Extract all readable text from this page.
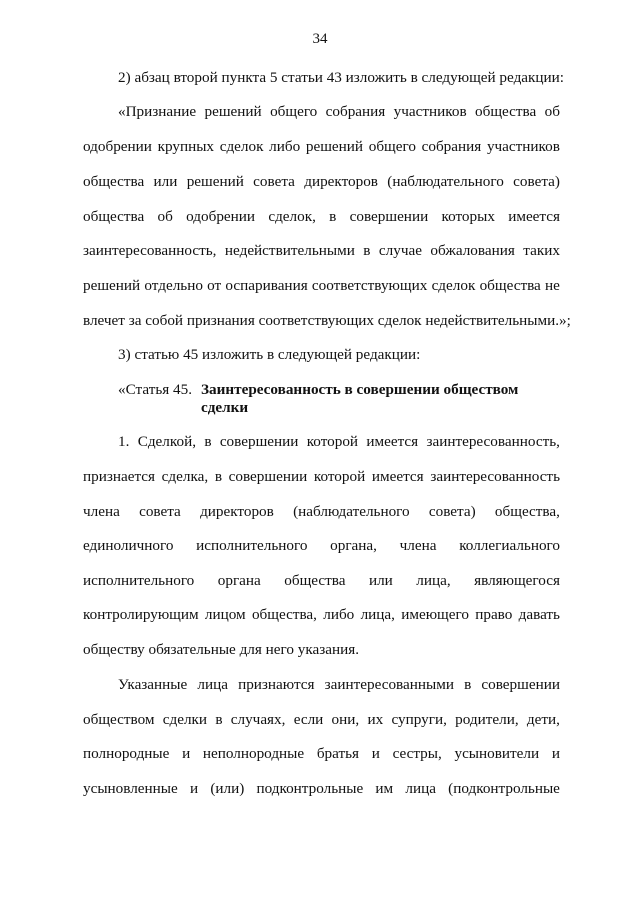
34
2) абзац второй пункта 5 статьи 43 изложить в следующей редакции:
«Признание решений общего собрания участников общества об
одобрении крупных сделок либо решений общего собрания участников
общества или решений совета директоров (наблюдательного совета)
общества об одобрении сделок, в совершении которых имеется
заинтересованность, недействительными в случае обжалования таких
решений отдельно от оспаривания соответствующих сделок общества не
влечет за собой признания соответствующих сделок недействительными.»;
3) статью 45 изложить в следующей редакции:
«Статья 45. Заинтересованность в совершении обществом
сделки
1. Сделкой, в совершении которой имеется заинтересованность,
признается сделка, в совершении которой имеется заинтересованность
члена совета директоров (наблюдательного совета) общества,
единоличного исполнительного органа, члена коллегиального
исполнительного органа общества или лица, являющегося
контролирующим лицом общества, либо лица, имеющего право давать
обществу обязательные для него указания.
Указанные лица признаются заинтересованными в совершении
обществом сделки в случаях, если они, их супруги, родители, дети,
полнородные и неполнородные братья и сестры, усыновители и
усыновленные и (или) подконтрольные им лица (подконтрольные
